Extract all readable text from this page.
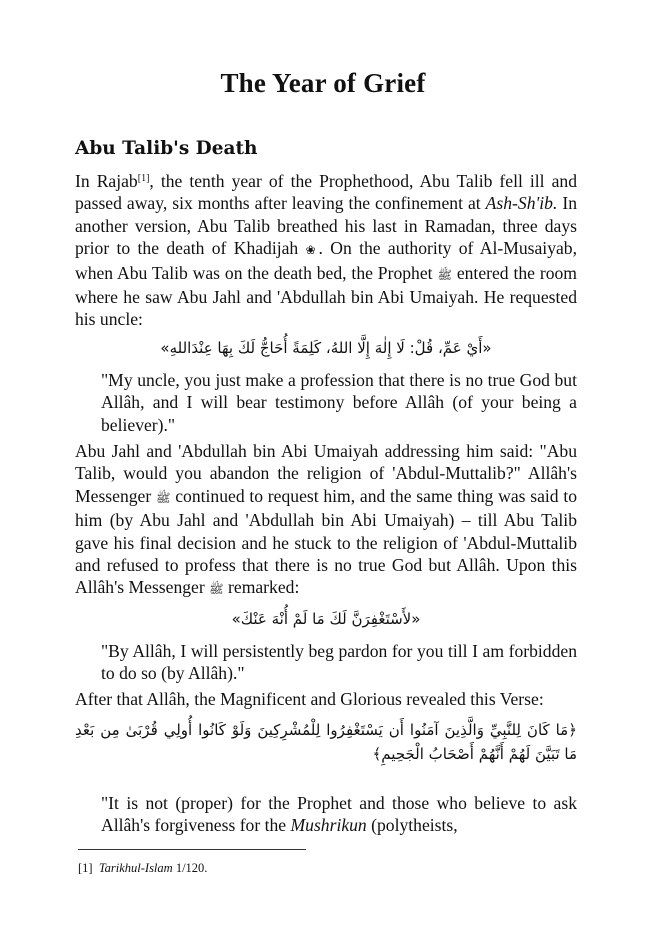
The Year of Grief
Abu Talib's Death
In Rajab[1], the tenth year of the Prophethood, Abu Talib fell ill and passed away, six months after leaving the confinement at Ash-Sh'ib. In another version, Abu Talib breathed his last in Ramadan, three days prior to the death of Khadijah ❀. On the authority of Al-Musaiyab, when Abu Talib was on the death bed, the Prophet ﷺ entered the room where he saw Abu Jahl and 'Abdullah bin Abi Umaiyah. He requested his uncle:
«أَيْ عَمِّ، قُلْ: لَا إِلٰهَ إِلَّا اللهُ، كَلِمَةً أُحَاجُّ لَكَ بِهَا عِنْدَاللهِ»
"My uncle, you just make a profession that there is no true God but Allâh, and I will bear testimony before Allâh (of your being a believer)."
Abu Jahl and 'Abdullah bin Abi Umaiyah addressing him said: "Abu Talib, would you abandon the religion of 'Abdul-Muttalib?" Allâh's Messenger ﷺ continued to request him, and the same thing was said to him (by Abu Jahl and 'Abdullah bin Abi Umaiyah) – till Abu Talib gave his final decision and he stuck to the religion of 'Abdul-Muttalib and refused to profess that there is no true God but Allâh. Upon this Allâh's Messenger ﷺ remarked:
«لأَسْتَغْفِرَنَّ لَكَ مَا لَمْ أُنْهَ عَنْكَ»
"By Allâh, I will persistently beg pardon for you till I am forbidden to do so (by Allâh)."
After that Allâh, the Magnificent and Glorious revealed this Verse:
﴿مَا كَانَ لِلنَّبِيِّ وَالَّذِينَ آمَنُوا أَن يَسْتَغْفِرُوا لِلْمُشْرِكِينَ وَلَوْ كَانُوا أُولِي قُرْبَىٰ مِن بَعْدِ مَا تَبَيَّنَ لَهُمْ أَنَّهُمْ أَصْحَابُ الْجَحِيمِ﴾
"It is not (proper) for the Prophet and those who believe to ask Allâh's forgiveness for the Mushrikun (polytheists,
[1] Tarikhul-Islam 1/120.
